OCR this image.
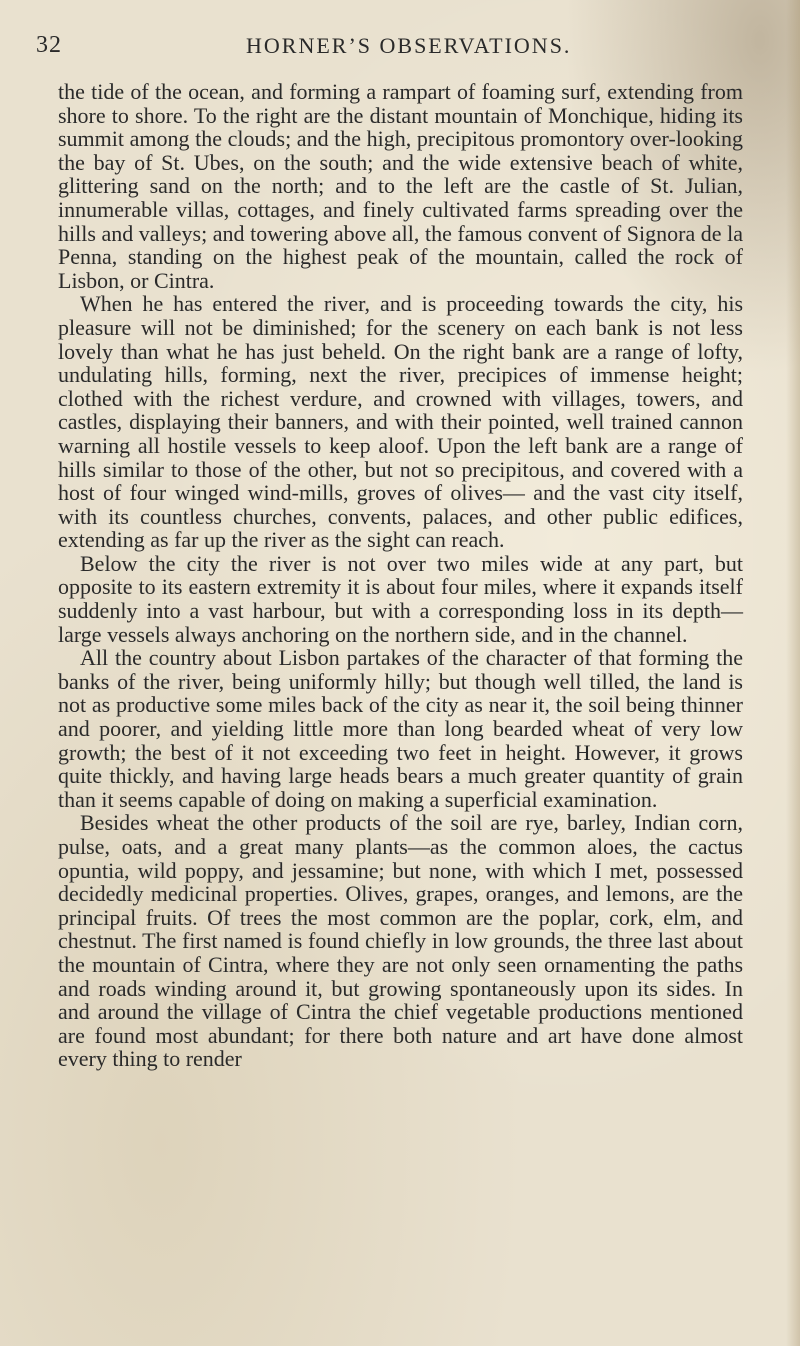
32	HORNER’S OBSERVATIONS.

the tide of the ocean, and forming a rampart of foaming surf, extending from shore to shore. To the right are the distant mountain of Monchique, hiding its summit among the clouds; and the high, precipitous promontory over-looking the bay of St. Ubes, on the south; and the wide extensive beach of white, glittering sand on the north; and to the left are the castle of St. Julian, innumerable villas, cottages, and finely cultivated farms spreading over the hills and valleys; and towering above all, the famous convent of Signora de la Penna, standing on the highest peak of the mountain, called the rock of Lisbon, or Cintra.

When he has entered the river, and is proceeding towards the city, his pleasure will not be diminished; for the scenery on each bank is not less lovely than what he has just beheld. On the right bank are a range of lofty, undulating hills, forming, next the river, precipices of immense height; clothed with the richest verdure, and crowned with villages, towers, and castles, displaying their banners, and with their pointed, well trained cannon warning all hostile vessels to keep aloof. Upon the left bank are a range of hills similar to those of the other, but not so precipitous, and covered with a host of four winged wind-mills, groves of olives— and the vast city itself, with its countless churches, convents, palaces, and other public edifices, extending as far up the river as the sight can reach.

Below the city the river is not over two miles wide at any part, but opposite to its eastern extremity it is about four miles, where it expands itself suddenly into a vast harbour, but with a corresponding loss in its depth—large vessels always anchoring on the northern side, and in the channel.

All the country about Lisbon partakes of the character of that forming the banks of the river, being uniformly hilly; but though well tilled, the land is not as productive some miles back of the city as near it, the soil being thinner and poorer, and yielding little more than long bearded wheat of very low growth; the best of it not exceeding two feet in height. However, it grows quite thickly, and having large heads bears a much greater quantity of grain than it seems capable of doing on making a superficial examination.

Besides wheat the other products of the soil are rye, barley, Indian corn, pulse, oats, and a great many plants—as the common aloes, the cactus opuntia, wild poppy, and jessamine; but none, with which I met, possessed decidedly medicinal properties. Olives, grapes, oranges, and lemons, are the principal fruits. Of trees the most common are the poplar, cork, elm, and chestnut. The first named is found chiefly in low grounds, the three last about the mountain of Cintra, where they are not only seen ornamenting the paths and roads winding around it, but growing spontaneously upon its sides. In and around the village of Cintra the chief vegetable productions mentioned are found most abundant; for there both nature and art have done almost every thing to render
